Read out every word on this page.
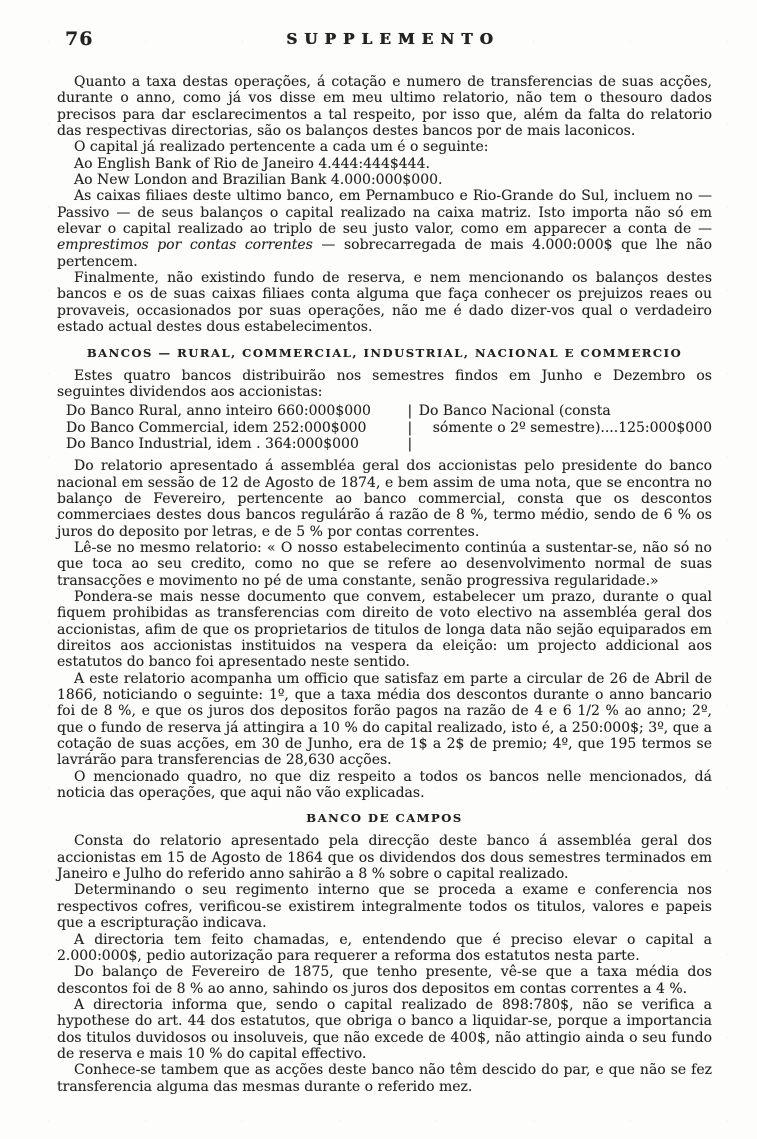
76	SUPPLEMENTO

Quanto a taxa destas operações, á cotação e numero de transferencias de suas acções, durante o anno, como já vos disse em meu ultimo relatorio, não tem o thesouro dados precisos para dar esclarecimentos a tal respeito, por isso que, além da falta do relatorio das respectivas directorias, são os balanços destes bancos por de mais laconicos.

O capital já realizado pertencente a cada um é o seguinte:

Ao English Bank of Rio de Janeiro 4.444:444$444.

Ao New London and Brazilian Bank 4.000:000$000.

As caixas filiaes deste ultimo banco, em Pernambuco e Rio-Grande do Sul, incluem no — Passivo — de seus balanços o capital realizado na caixa matriz. Isto importa não só em elevar o capital realizado ao triplo de seu justo valor, como em apparecer a conta de — emprestimos por contas correntes — sobrecarregada de mais 4.000:000$ que lhe não pertencem.

Finalmente, não existindo fundo de reserva, e nem mencionando os balanços destes bancos e os de suas caixas filiaes conta alguma que faça conhecer os prejuizos reaes ou provaveis, occasionados por suas operações, não me é dado dizer-vos qual o verdadeiro estado actual destes dous estabelecimentos.

BANCOS — RURAL, COMMERCIAL, INDUSTRIAL, NACIONAL E COMMERCIO

Estes quatro bancos distribuirão nos semestres findos em Junho e Dezembro os seguintes dividendos aos accionistas:

Do Banco Rural, anno inteiro 660:000$000
Do Banco Commercial, idem 252:000$000
Do Banco Industrial, idem . 364:000$000
|
|
|
Do Banco Nacional (consta
sómente o 2º semestre).... 125:000$000

Do relatorio apresentado á assembléa geral dos accionistas pelo presidente do banco nacional em sessão de 12 de Agosto de 1874, e bem assim de uma nota, que se encontra no balanço de Fevereiro, pertencente ao banco commercial, consta que os descontos commerciaes destes dous bancos regulárão á razão de 8 %, termo médio, sendo de 6 % os juros do deposito por letras, e de 5 % por contas correntes.

Lê-se no mesmo relatorio: « O nosso estabelecimento continúa a sustentar-se, não só no que toca ao seu credito, como no que se refere ao desenvolvimento normal de suas transacções e movimento no pé de uma constante, senão progressiva regularidade.»

Pondera-se mais nesse documento que convem, estabelecer um prazo, durante o qual fiquem prohibidas as transferencias com direito de voto electivo na assembléa geral dos accionistas, afim de que os proprietarios de titulos de longa data não sejão equiparados em direitos aos accionistas instituidos na vespera da eleição: um projecto addicional aos estatutos do banco foi apresentado neste sentido.

A este relatorio acompanha um officio que satisfaz em parte a circular de 26 de Abril de 1866, noticiando o seguinte: 1º, que a taxa média dos descontos durante o anno bancario foi de 8 %, e que os juros dos depositos forão pagos na razão de 4 e 6 1/2 % ao anno; 2º, que o fundo de reserva já attingira a 10 % do capital realizado, isto é, a 250:000$; 3º, que a cotação de suas acções, em 30 de Junho, era de 1$ a 2$ de premio; 4º, que 195 termos se lavrárão para transferencias de 28,630 acções.

O mencionado quadro, no que diz respeito a todos os bancos nelle mencionados, dá noticia das operações, que aqui não vão explicadas.

BANCO DE CAMPOS

Consta do relatorio apresentado pela direcção deste banco á assembléa geral dos accionistas em 15 de Agosto de 1864 que os dividendos dos dous semestres terminados em Janeiro e Julho do referido anno sahirão a 8 % sobre o capital realizado.

Determinando o seu regimento interno que se proceda a exame e conferencia nos respectivos cofres, verificou-se existirem integralmente todos os titulos, valores e papeis que a escripturação indicava.

A directoria tem feito chamadas, e, entendendo que é preciso elevar o capital a 2.000:000$, pedio autorização para requerer a reforma dos estatutos nesta parte.

Do balanço de Fevereiro de 1875, que tenho presente, vê-se que a taxa média dos descontos foi de 8 % ao anno, sahindo os juros dos depositos em contas correntes a 4 %.

A directoria informa que, sendo o capital realizado de 898:780$, não se verifica a hypothese do art. 44 dos estatutos, que obriga o banco a liquidar-se, porque a importancia dos titulos duvidosos ou insoluveis, que não excede de 400$, não attingio ainda o seu fundo de reserva e mais 10 % do capital effectivo.

Conhece-se tambem que as acções deste banco não têm descido do par, e que não se fez transferencia alguma das mesmas durante o referido mez.
